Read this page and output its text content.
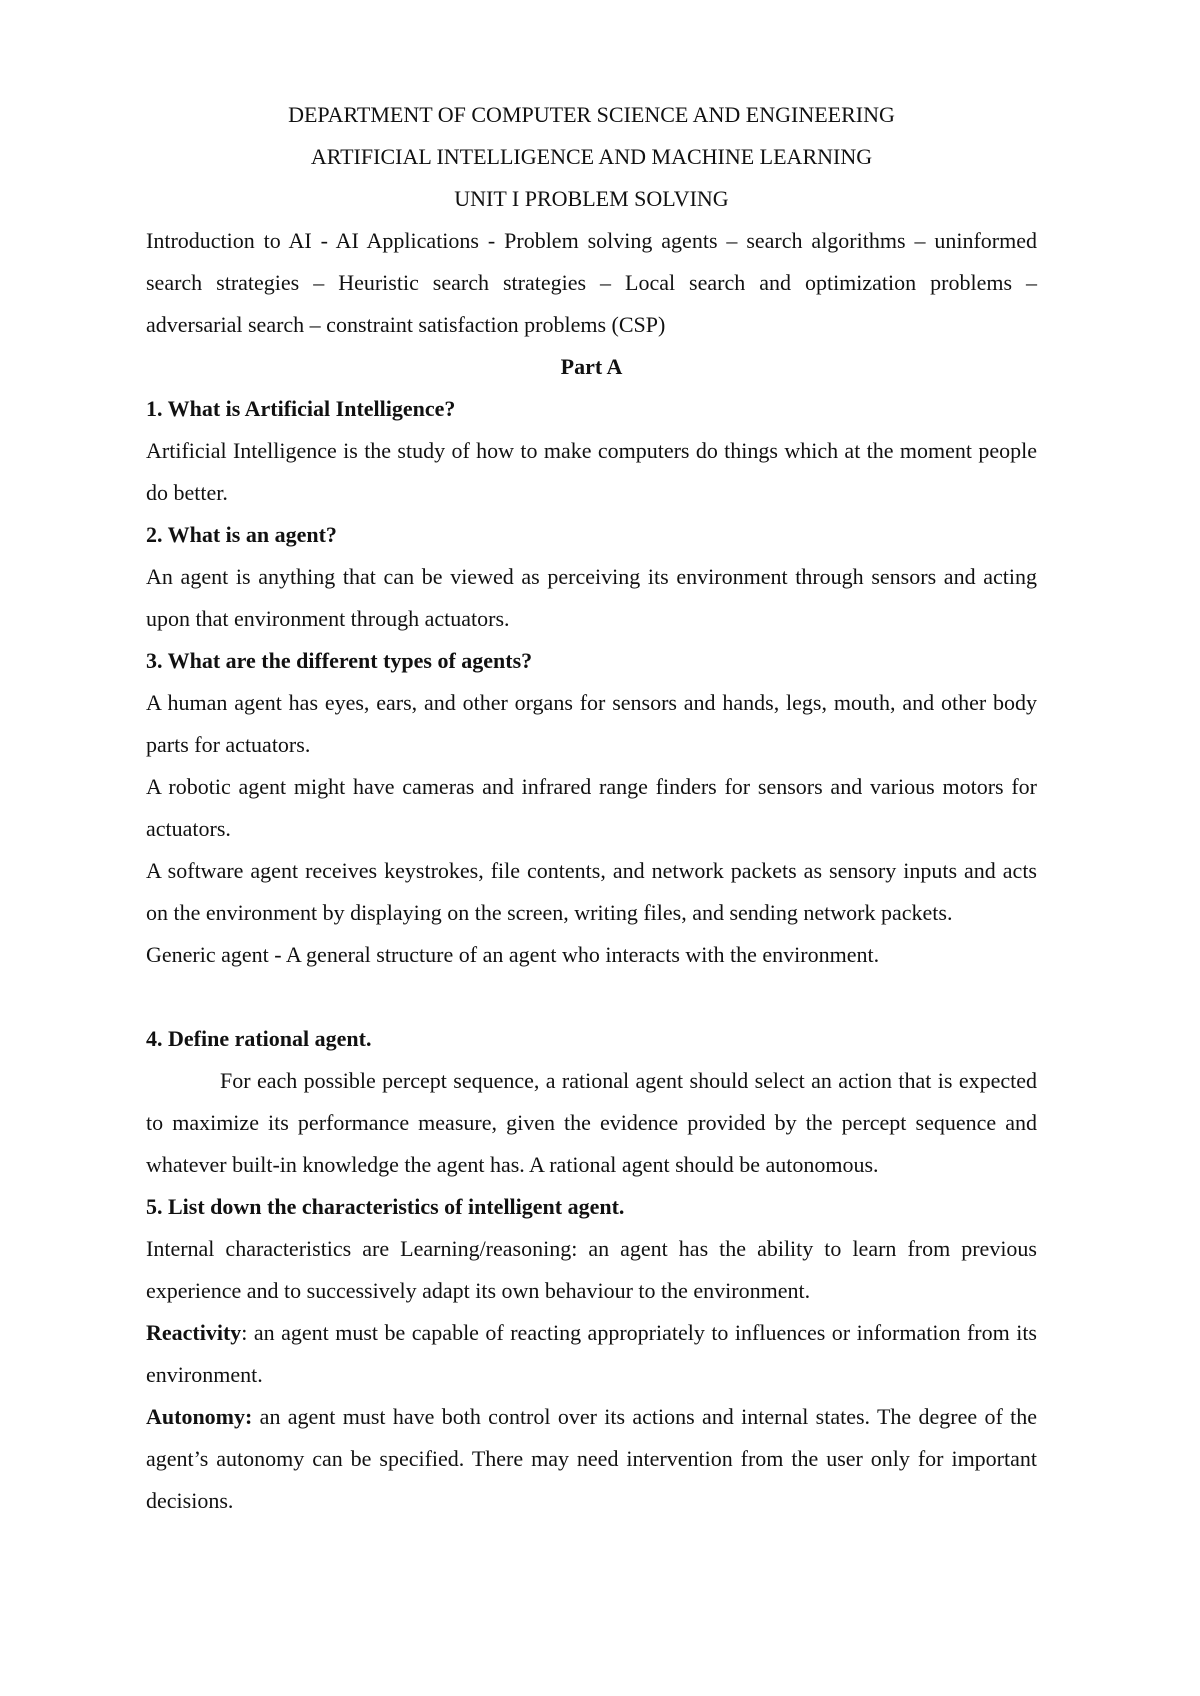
DEPARTMENT OF COMPUTER SCIENCE AND ENGINEERING

ARTIFICIAL INTELLIGENCE AND MACHINE LEARNING

UNIT I PROBLEM SOLVING

Introduction to AI - AI Applications - Problem solving agents – search algorithms – uninformed search strategies – Heuristic search strategies – Local search and optimization problems – adversarial search – constraint satisfaction problems (CSP)

Part A

1. What is Artificial Intelligence?

Artificial Intelligence is the study of how to make computers do things which at the moment people do better.

2. What is an agent?

An agent is anything that can be viewed as perceiving its environment through sensors and acting upon that environment through actuators.

3. What are the different types of agents?

A human agent has eyes, ears, and other organs for sensors and hands, legs, mouth, and other body parts for actuators.

A robotic agent might have cameras and infrared range finders for sensors and various motors for actuators.

A software agent receives keystrokes, file contents, and network packets as sensory inputs and acts on the environment by displaying on the screen, writing files, and sending network packets.

Generic agent - A general structure of an agent who interacts with the environment.

4. Define rational agent.

For each possible percept sequence, a rational agent should select an action that is expected to maximize its performance measure, given the evidence provided by the percept sequence and whatever built-in knowledge the agent has. A rational agent should be autonomous.

5. List down the characteristics of intelligent agent.

Internal characteristics are Learning/reasoning: an agent has the ability to learn from previous experience and to successively adapt its own behaviour to the environment.

Reactivity: an agent must be capable of reacting appropriately to influences or information from its environment.

Autonomy: an agent must have both control over its actions and internal states. The degree of the agent’s autonomy can be specified. There may need intervention from the user only for important decisions.
